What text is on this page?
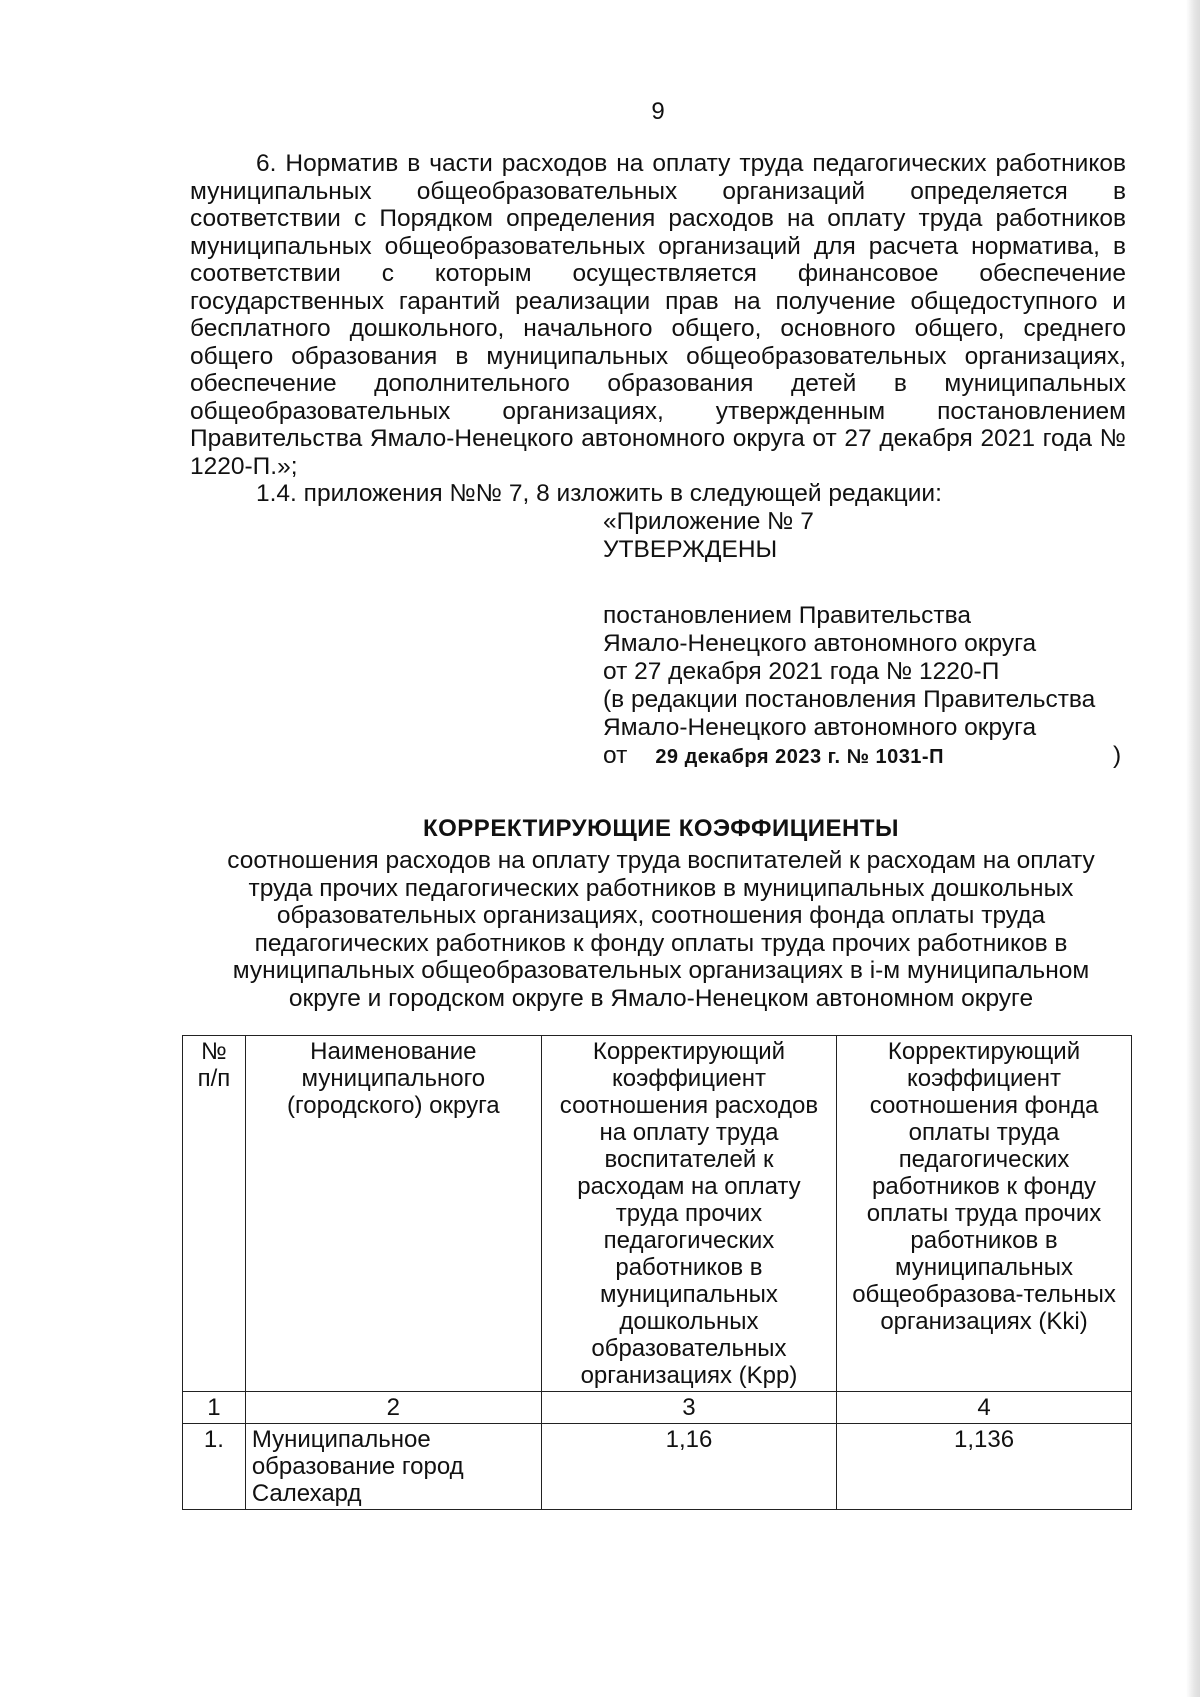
9

6. Норматив в части расходов на оплату труда педагогических работников муниципальных общеобразовательных организаций определяется в соответствии с Порядком определения расходов на оплату труда работников муниципальных общеобразовательных организаций для расчета норматива, в соответствии с которым осуществляется финансовое обеспечение государственных гарантий реализации прав на получение общедоступного и бесплатного дошкольного, начального общего, основного общего, среднего общего образования в муниципальных общеобразовательных организациях, обеспечение дополнительного образования детей в муниципальных общеобразовательных организациях, утвержденным постановлением Правительства Ямало-Ненецкого автономного округа от 27 декабря 2021 года № 1220-П.»;

1.4. приложения №№ 7, 8 изложить в следующей редакции:

«Приложение № 7
УТВЕРЖДЕНЫ
постановлением Правительства
Ямало-Ненецкого автономного округа
от 27 декабря 2021 года № 1220-П
(в редакции постановления Правительства
Ямало-Ненецкого автономного округа
от 29 декабря 2023 г. № 1031-П	)
КОРРЕКТИРУЮЩИЕ КОЭФФИЦИЕНТЫ
соотношения расходов на оплату труда воспитателей к расходам на оплату труда прочих педагогических работников в муниципальных дошкольных образовательных организациях, соотношения фонда оплаты труда педагогических работников к фонду оплаты труда прочих работников в муниципальных общеобразовательных организациях в i-м муниципальном округе и городском округе в Ямало-Ненецком автономном округе
№ п/п	Наименование муниципального (городского) округа	Корректирующий коэффициент соотношения расходов на оплату труда воспитателей к расходам на оплату труда прочих педагогических работников в муниципальных дошкольных образовательных организациях (Kpp)	Корректирующий коэффициент соотношения фонда оплаты труда педагогических работников к фонду оплаты труда прочих работников в муниципальных общеобразова-тельных организациях (Kki)
1	2	3	4
1.	Муниципальное образование город Салехард	1,16	1,136
